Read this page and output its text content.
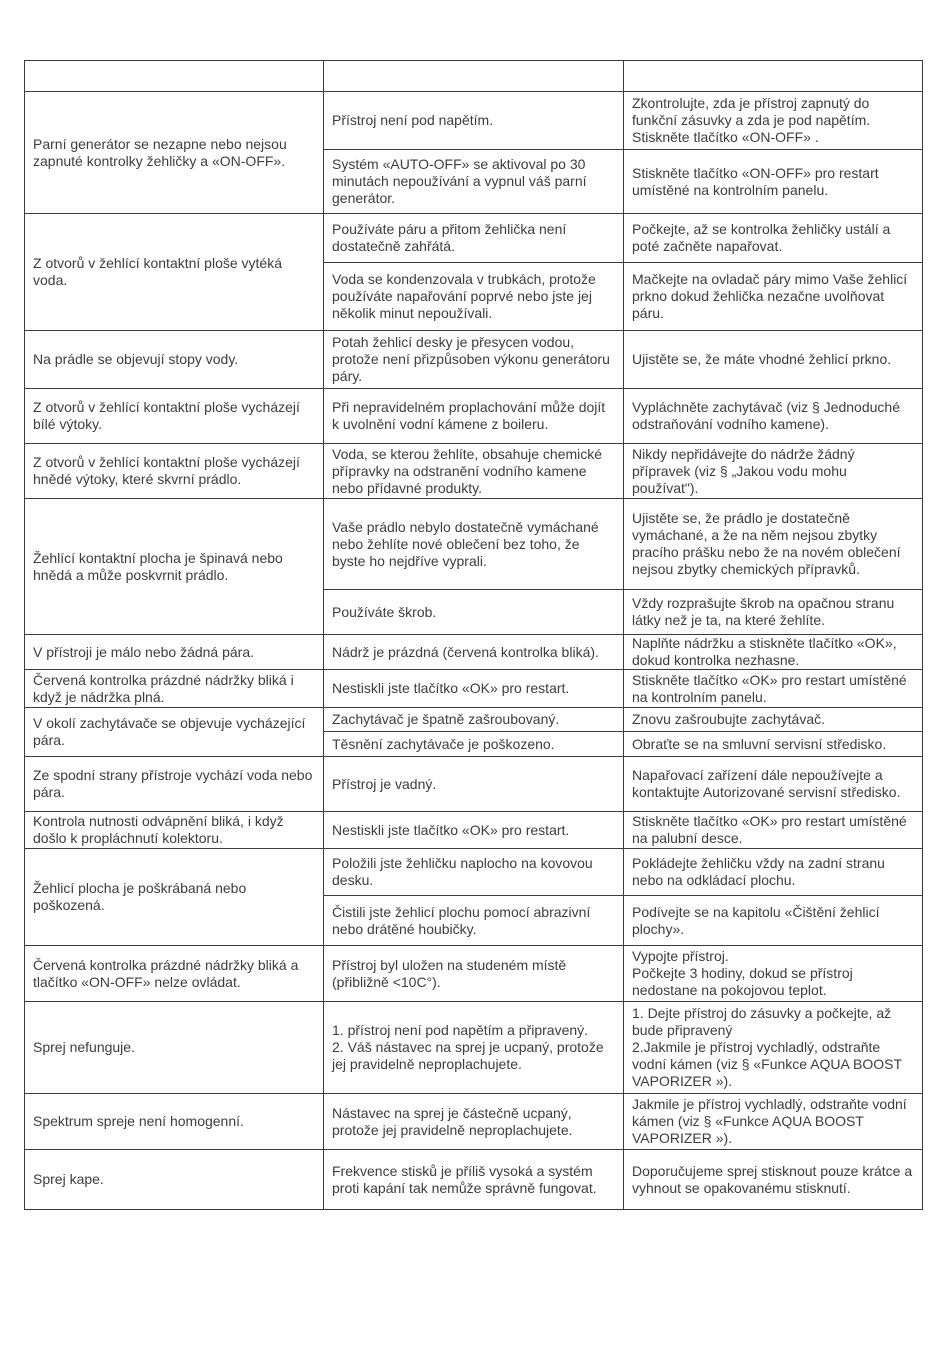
Parní generátor se nezapne nebo nejsou zapnuté kontrolky žehličky a «ON-OFF».	Přístroj není pod napětím.	Zkontrolujte, zda je přístroj zapnutý do funkční zásuvky a zda je pod napětím. Stiskněte tlačítko «ON-OFF» .

	Systém «AUTO-OFF» se aktivoval po 30 minutách nepoužívání a vypnul váš parní generátor.	Stiskněte tlačítko «ON-OFF» pro restart umístěné na kontrolním panelu.

Z otvorů v žehlící kontaktní ploše vytéká voda.	Používáte páru a přitom žehlička není dostatečně zahřátá.	Počkejte, až se kontrolka žehličky ustálí a poté začněte napařovat.

	Voda se kondenzovala v trubkách, protože používáte napařování poprvé nebo jste jej několik minut nepoužívali.	Mačkejte na ovladač páry mimo Vaše žehlicí prkno dokud žehlička nezačne uvolňovat páru.

Na prádle se objevují stopy vody.	Potah žehlicí desky je přesycen vodou, protože není přizpůsoben výkonu generátoru páry.	Ujistěte se, že máte vhodné žehlicí prkno.

Z otvorů v žehlící kontaktní ploše vycházejí bílé výtoky.	Při nepravidelném proplachování může dojít k uvolnění vodní kámene z boileru.	Vypláchněte zachytávač (viz § Jednoduché odstraňování vodního kamene).

Z otvorů v žehlící kontaktní ploše vycházejí hnědé výtoky, které skvrní prádlo.	Voda, se kterou žehlíte, obsahuje chemické přípravky na odstranění vodního kamene nebo přídavné produkty.	Nikdy nepřidávejte do nádrže žádný přípravek (viz § „Jakou vodu mohu používat").

Žehlící kontaktní plocha je špinavá nebo hnědá a může poskvrnit prádlo.	Vaše prádlo nebylo dostatečně vymáchané nebo žehlíte nové oblečení bez toho, že byste ho nejdříve vyprali.	Ujistěte se, že prádlo je dostatečně vymáchané, a že na něm nejsou zbytky pracího prášku nebo že na novém oblečení nejsou zbytky chemických přípravků.

	Používáte škrob.	Vždy rozprašujte škrob na opačnou stranu látky než je ta, na které žehlíte.

V přístroji je málo nebo žádná pára.	Nádrž je prázdná (červená kontrolka bliká).	Naplňte nádržku a stiskněte tlačítko «OK», dokud kontrolka nezhasne.

Červená kontrolka prázdné nádržky bliká i když je nádržka plná.	Nestiskli jste tlačítko «OK» pro restart.	Stiskněte tlačítko «OK» pro restart umístěné na kontrolním panelu.

V okolí zachytávače se objevuje vycházející pára.	Zachytávač je špatně zašroubovaný.	Znovu zašroubujte zachytávač.

	Těsnění zachytávače je poškozeno.	Obraťte se na smluvní servisní středisko.

Ze spodní strany přístroje vychází voda nebo pára.	Přístroj je vadný.	Napařovací zařízení dále nepoužívejte a kontaktujte Autorizované servisní středisko.

Kontrola nutnosti odvápnění bliká, i když došlo k propláchnutí kolektoru.	Nestiskli jste tlačítko «OK» pro restart.	Stiskněte tlačítko «OK» pro restart umístěné na palubní desce.

Žehlicí plocha je poškrábaná nebo poškozená.	Položili jste žehličku naplocho na kovovou desku.	Pokládejte žehličku vždy na zadní stranu nebo na odkládací plochu.

	Čistili jste žehlicí plochu pomocí abrazivní nebo drátěné houbičky.	Podívejte se na kapitolu «Čištění žehlicí plochy».

Červená kontrolka prázdné nádržky bliká a tlačítko «ON-OFF» nelze ovládat.	Přístroj byl uložen na studeném místě (přibližně <10C°).	Vypojte přístroj.
Počkejte 3 hodiny, dokud se přístroj nedostane na pokojovou teplot.

Sprej nefunguje.	1. přístroj není pod napětím a připravený.
2. Váš nástavec na sprej je ucpaný, protože jej pravidelně neproplachujete.	1. Dejte přístroj do zásuvky a počkejte, až bude připravený
2.Jakmile je přístroj vychladlý, odstraňte vodní kámen (viz § «Funkce AQUA BOOST VAPORIZER »).

Spektrum spreje není homogenní.	Nástavec na sprej je částečně ucpaný, protože jej pravidelně neproplachujete.	Jakmile je přístroj vychladlý, odstraňte vodní kámen (viz § «Funkce AQUA BOOST VAPORIZER »).

Sprej kape.	Frekvence stisků je příliš vysoká a systém proti kapání tak nemůže správně fungovat.	Doporučujeme sprej stisknout pouze krátce a vyhnout se opakovanému stisknutí.
